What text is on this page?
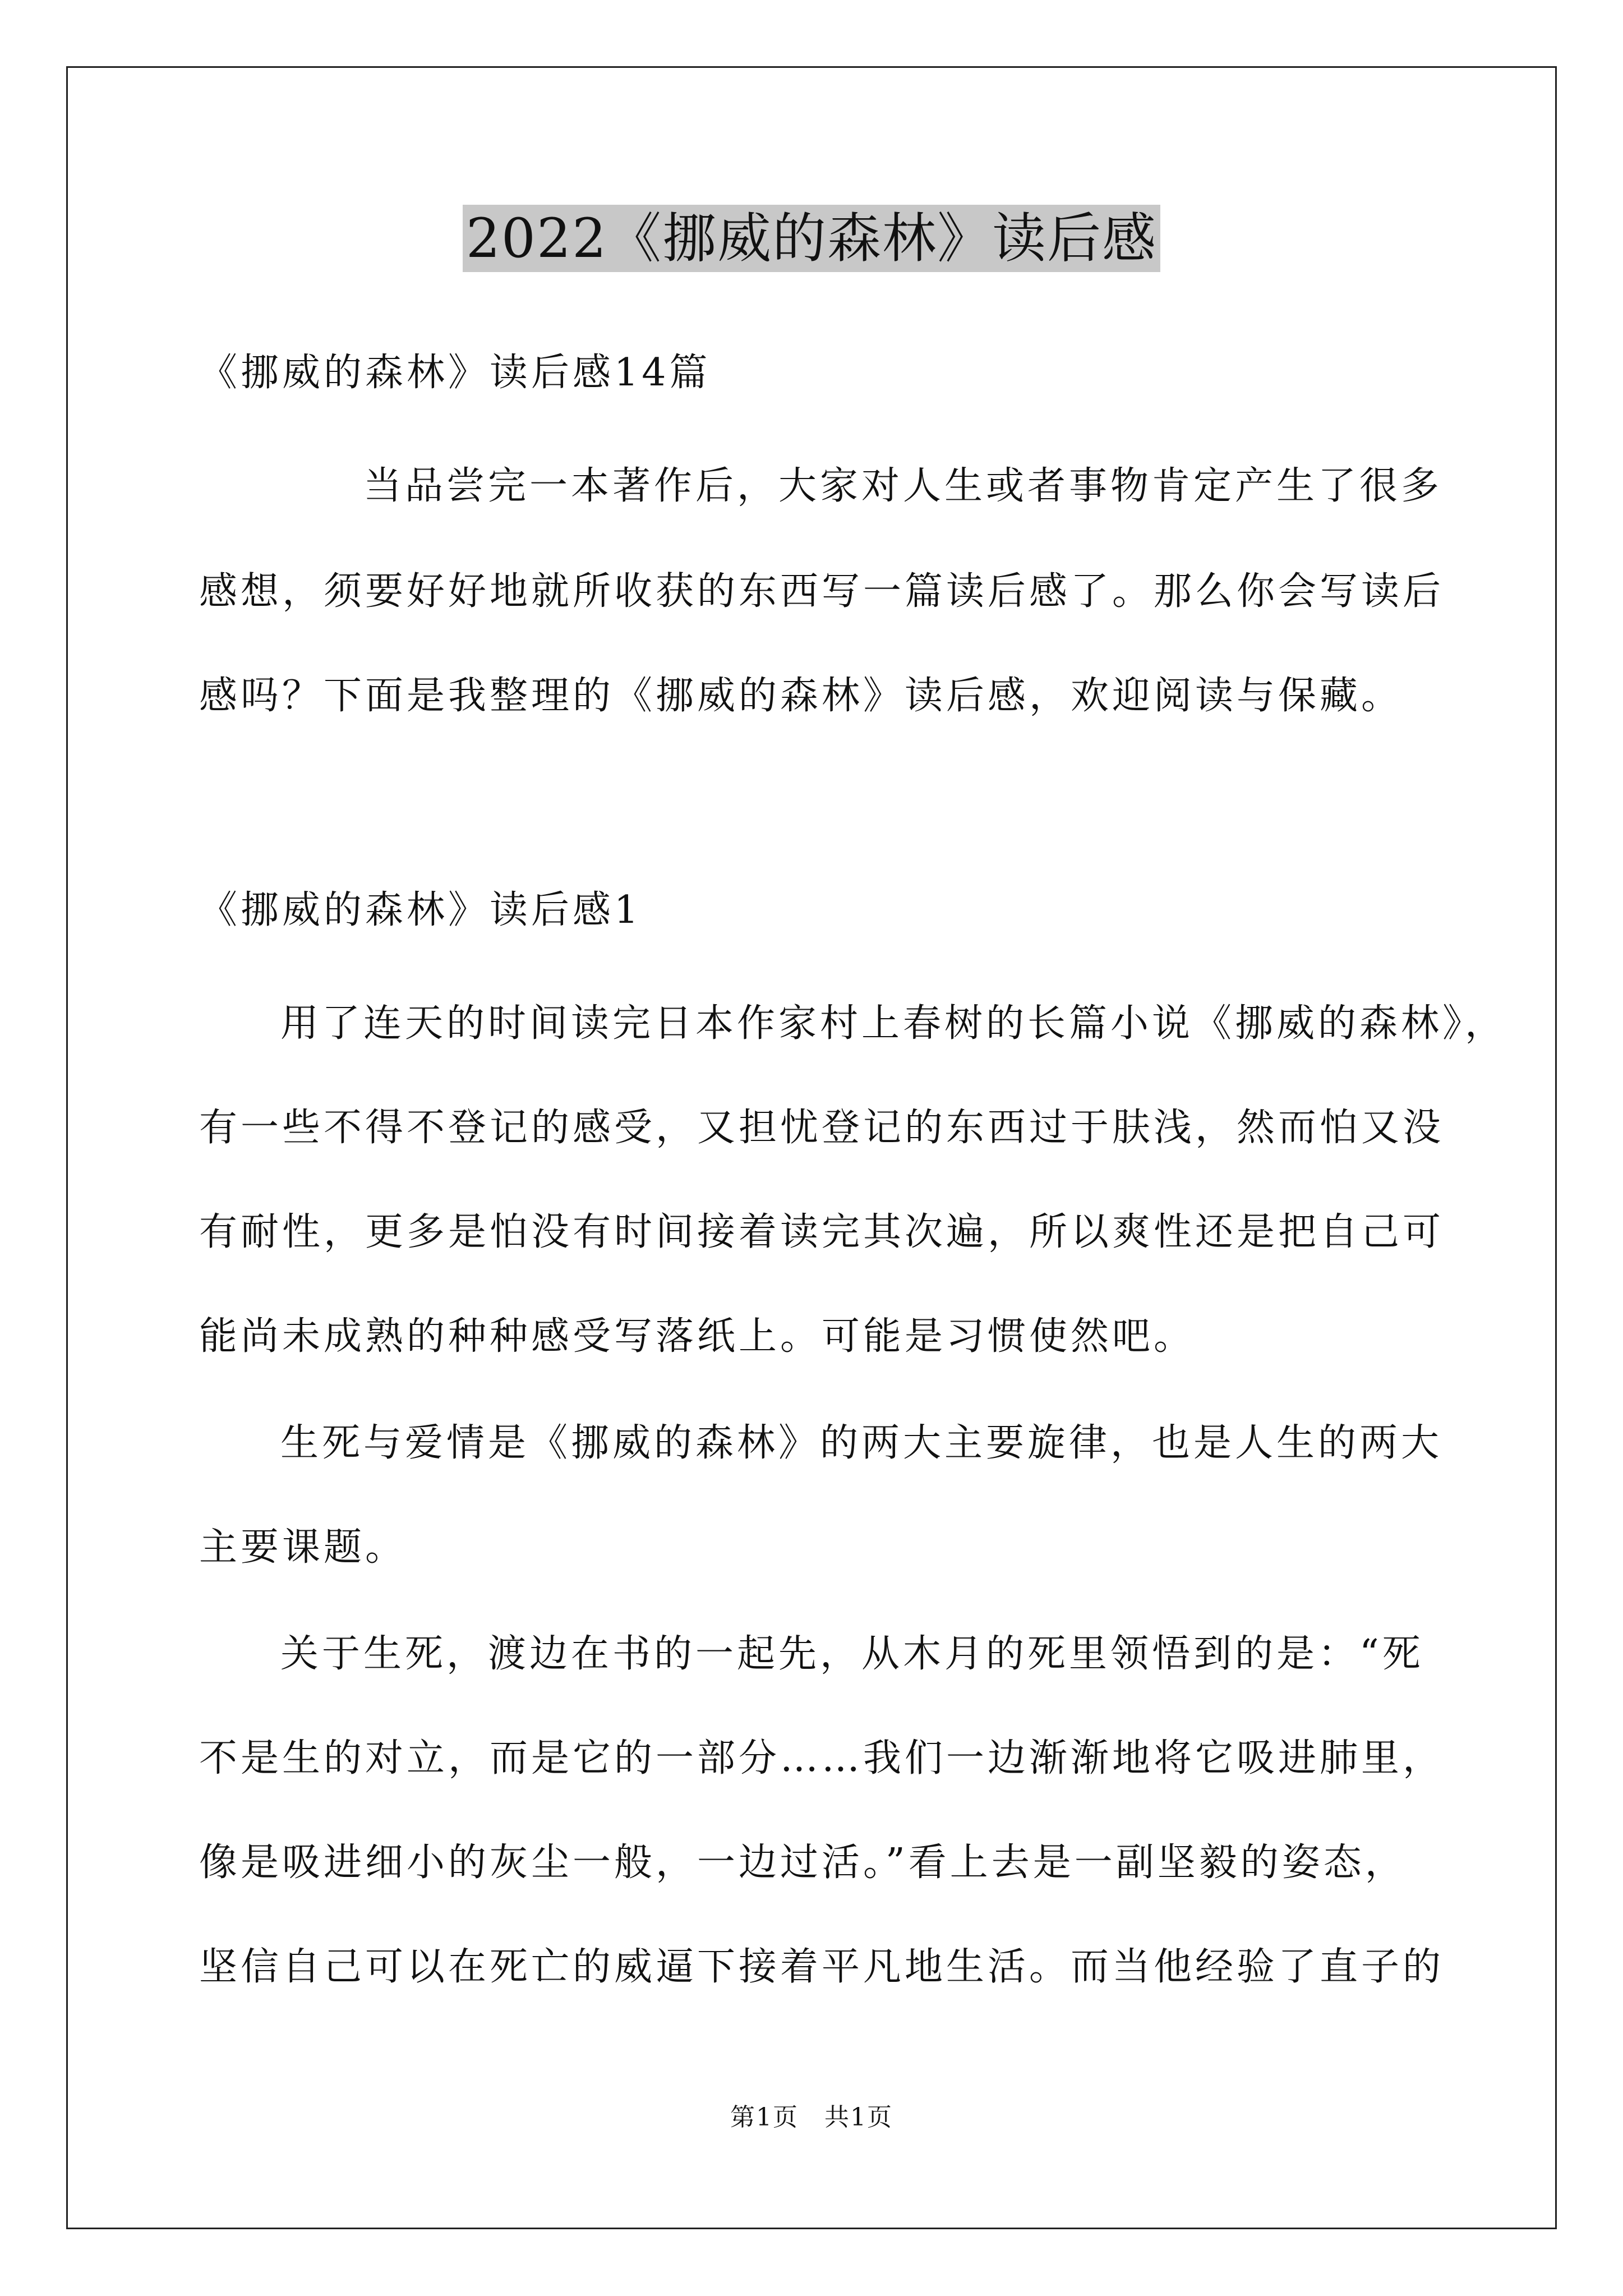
2022《挪威的森林》读后感
《挪威的森林》读后感14篇
当品尝完一本著作后，大家对人生或者事物肯定产生了很多
感想，须要好好地就所收获的东西写一篇读后感了。那么你会写读后
感吗？下面是我整理的《挪威的森林》读后感，欢迎阅读与保藏。
《挪威的森林》读后感1
用了连天的时间读完日本作家村上春树的长篇小说《挪威的森林》，
有一些不得不登记的感受，又担忧登记的东西过于肤浅，然而怕又没
有耐性，更多是怕没有时间接着读完其次遍，所以爽性还是把自己可
能尚未成熟的种种感受写落纸上。可能是习惯使然吧。
生死与爱情是《挪威的森林》的两大主要旋律，也是人生的两大
主要课题。
关于生死，渡边在书的一起先，从木月的死里领悟到的是：“死
不是生的对立，而是它的一部分……我们一边渐渐地将它吸进肺里，
像是吸进细小的灰尘一般，一边过活。”看上去是一副坚毅的姿态，
坚信自己可以在死亡的威逼下接着平凡地生活。而当他经验了直子的
第1页　共1页
